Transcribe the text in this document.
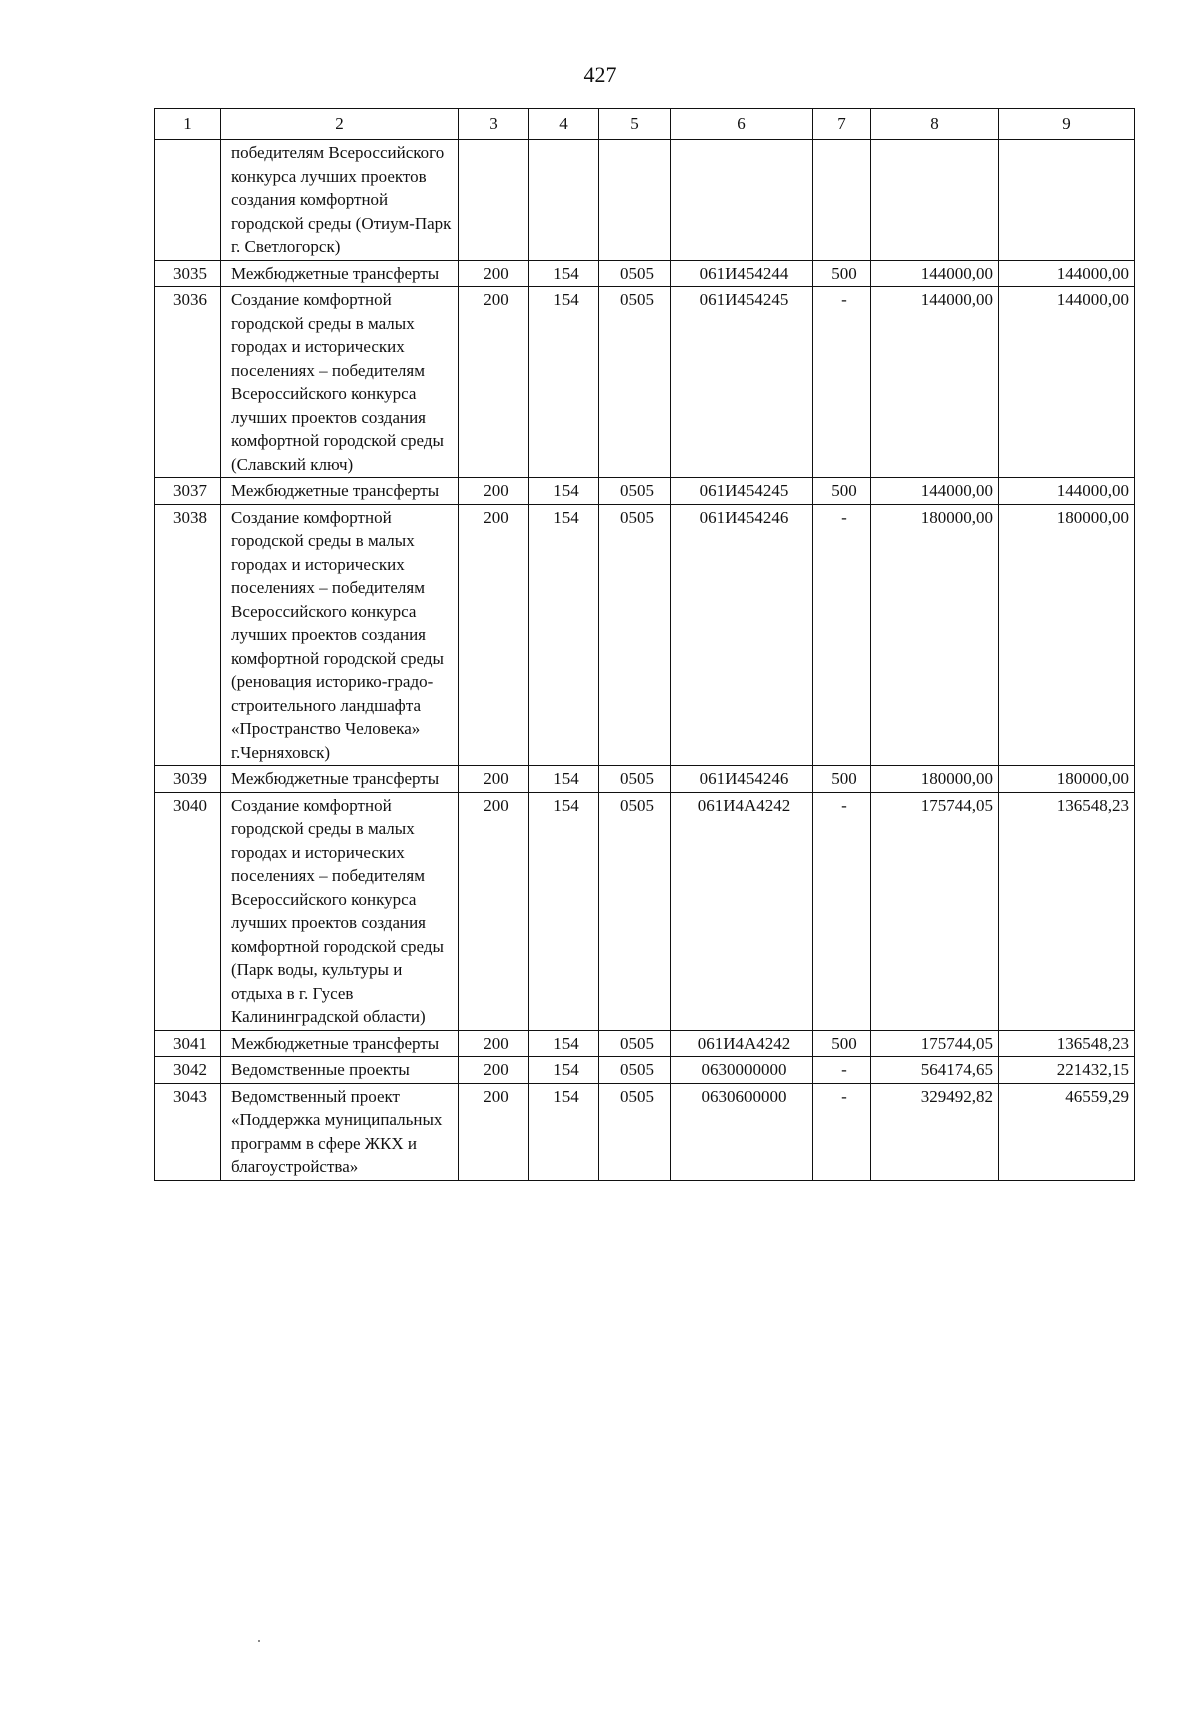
427
1	2	3	4	5	6	7	8	9
	победителям Всероссийского конкурса лучших проектов создания комфортной городской среды (Отиум-Парк г. Светлогорск)							
3035	Межбюджетные трансферты	200	154	0505	061И454244	500	144000,00	144000,00
3036	Создание комфортной городской среды в малых городах и исторических поселениях – победителям Всероссийского конкурса лучших проектов создания комфортной городской среды (Славский ключ)	200	154	0505	061И454245	-	144000,00	144000,00
3037	Межбюджетные трансферты	200	154	0505	061И454245	500	144000,00	144000,00
3038	Создание комфортной городской среды в малых городах и исторических поселениях – победителям Всероссийского конкурса лучших проектов создания комфортной городской среды (реновация историко-градо-строительного ландшафта «Пространство Человека» г.Черняховск)	200	154	0505	061И454246	-	180000,00	180000,00
3039	Межбюджетные трансферты	200	154	0505	061И454246	500	180000,00	180000,00
3040	Создание комфортной городской среды в малых городах и исторических поселениях – победителям Всероссийского конкурса лучших проектов создания комфортной городской среды (Парк воды, культуры и отдыха в г. Гусев Калининградской области)	200	154	0505	061И4А4242	-	175744,05	136548,23
3041	Межбюджетные трансферты	200	154	0505	061И4А4242	500	175744,05	136548,23
3042	Ведомственные проекты	200	154	0505	0630000000	-	564174,65	221432,15
3043	Ведомственный проект «Поддержка муниципальных программ в сфере ЖКХ и благоустройства»	200	154	0505	0630600000	-	329492,82	46559,29
